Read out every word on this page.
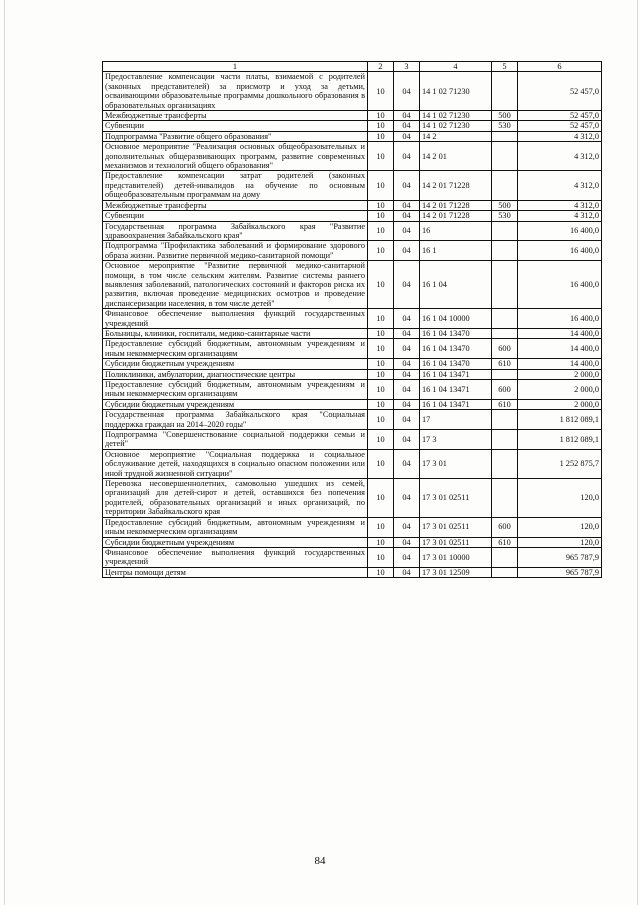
1	2	3	4	5	6
Предоставление компенсации части платы, взимаемой с родителей (законных представителей) за присмотр и уход за детьми, осваивающими образовательные программы дошкольного образования в образовательных организациях	10	04	14 1 02 71230		52 457,0
Межбюджетные трансферты	10	04	14 1 02 71230	500	52 457,0
Субвенции	10	04	14 1 02 71230	530	52 457,0
Подпрограмма "Развитие общего образования"	10	04	14 2		4 312,0
Основное мероприятие "Реализация основных общеобразовательных и дополнительных общеразвивающих программ, развитие современных механизмов и технологий общего образования"	10	04	14 2 01		4 312,0
Предоставление компенсации затрат родителей (законных представителей) детей-инвалидов на обучение по основным общеобразовательным программам на дому	10	04	14 2 01 71228		4 312,0
Межбюджетные трансферты	10	04	14 2 01 71228	500	4 312,0
Субвенции	10	04	14 2 01 71228	530	4 312,0
Государственная программа Забайкальского края "Развитие здравоохранения Забайкальского края"	10	04	16		16 400,0
Подпрограмма "Профилактика заболеваний и формирование здорового образа жизни. Развитие первичной медико-санитарной помощи"	10	04	16 1		16 400,0
Основное мероприятие "Развитие первичной медико-санитарной помощи, в том числе сельским жителям. Развитие системы раннего выявления заболеваний, патологических состояний и факторов риска их развития, включая проведение медицинских осмотров и проведение диспансеризации населения, в том числе детей"	10	04	16 1 04		16 400,0
Финансовое обеспечение выполнения функций государственных учреждений	10	04	16 1 04 10000		16 400,0
Больницы, клиники, госпитали, медико-санитарные части	10	04	16 1 04 13470		14 400,0
Предоставление субсидий бюджетным, автономным учреждениям и иным некоммерческим организациям	10	04	16 1 04 13470	600	14 400,0
Субсидии бюджетным учреждениям	10	04	16 1 04 13470	610	14 400,0
Поликлиники, амбулатории, диагностические центры	10	04	16 1 04 13471		2 000,0
Предоставление субсидий бюджетным, автономным учреждениям и иным некоммерческим организациям	10	04	16 1 04 13471	600	2 000,0
Субсидии бюджетным учреждениям	10	04	16 1 04 13471	610	2 000,0
Государственная программа Забайкальского края "Социальная поддержка граждан на 2014–2020 годы"	10	04	17		1 812 089,1
Подпрограмма "Совершенствование социальной поддержки семьи и детей"	10	04	17 3		1 812 089,1
Основное мероприятие "Социальная поддержка и социальное обслуживание детей, находящихся в социально опасном положении или иной трудной жизненной ситуации"	10	04	17 3 01		1 252 875,7
Перевозка несовершеннолетних, самовольно ушедших из семей, организаций для детей-сирот и детей, оставшихся без попечения родителей, образовательных организаций и иных организаций, по территории Забайкальского края	10	04	17 3 01 02511		120,0
Предоставление субсидий бюджетным, автономным учреждениям и иным некоммерческим организациям	10	04	17 3 01 02511	600	120,0
Субсидии бюджетным учреждениям	10	04	17 3 01 02511	610	120,0
Финансовое обеспечение выполнения функций государственных учреждений	10	04	17 3 01 10000		965 787,9
Центры помощи детям	10	04	17 3 01 12509		965 787,9
84
